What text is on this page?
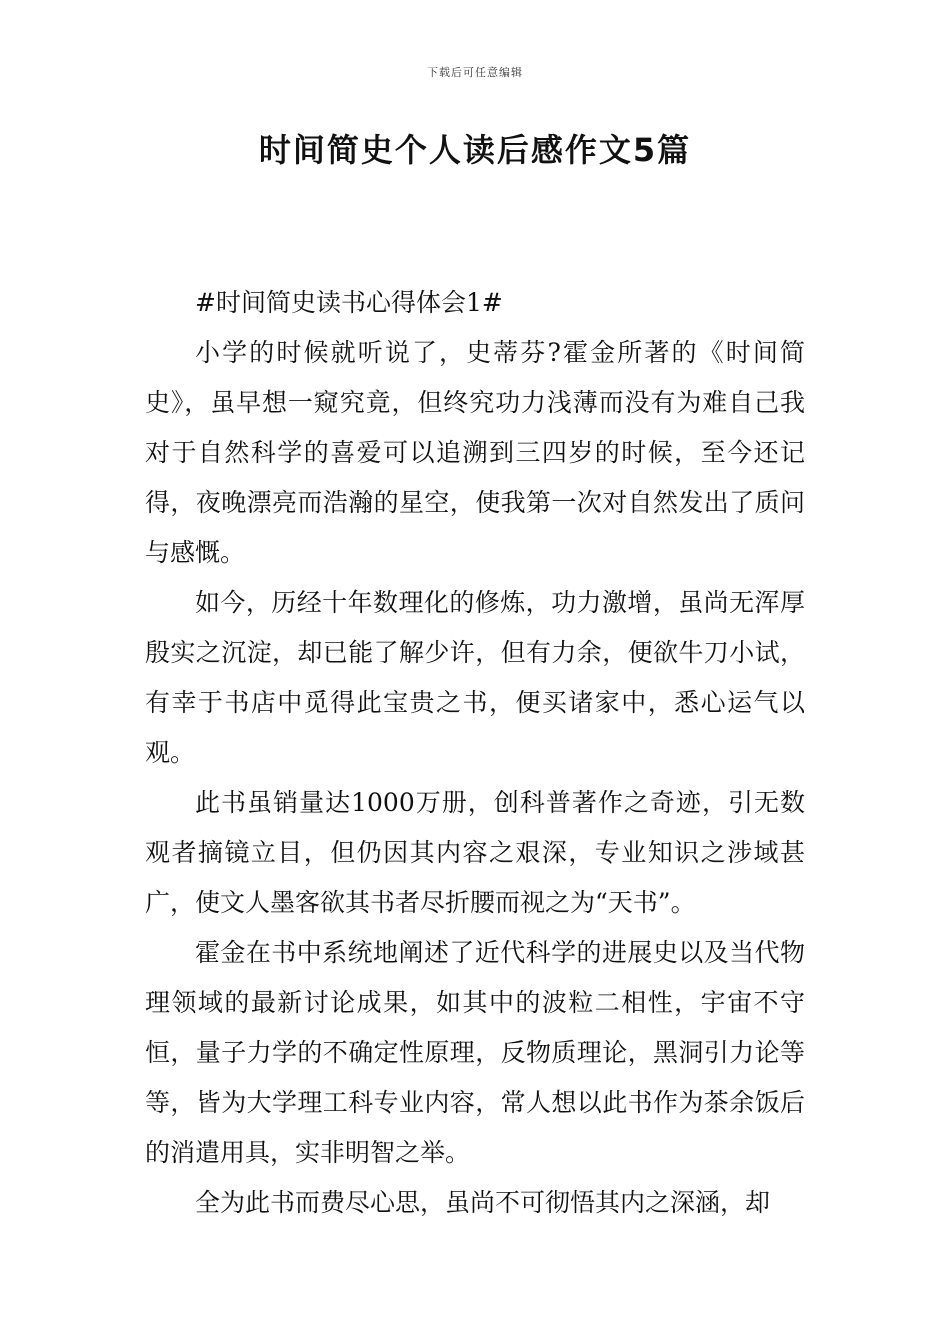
下载后可任意编辑
时间简史个人读后感作文5篇

#时间简史读书心得体会1#

小学的时候就听说了，史蒂芬?霍金所著的《时间简史》，虽早想一窥究竟，但终究功力浅薄而没有为难自己我对于自然科学的喜爱可以追溯到三四岁的时候，至今还记得，夜晚漂亮而浩瀚的星空，使我第一次对自然发出了质问与感慨。

如今，历经十年数理化的修炼，功力激增，虽尚无浑厚殷实之沉淀，却已能了解少许，但有力余，便欲牛刀小试，有幸于书店中觅得此宝贵之书，便买诸家中，悉心运气以观。

此书虽销量达1000万册，创科普著作之奇迹，引无数观者摘镜立目，但仍因其内容之艰深，专业知识之涉域甚广，使文人墨客欲其书者尽折腰而视之为“天书”。

霍金在书中系统地阐述了近代科学的进展史以及当代物理领域的最新讨论成果，如其中的波粒二相性，宇宙不守恒，量子力学的不确定性原理，反物质理论，黑洞引力论等等，皆为大学理工科专业内容，常人想以此书作为茶余饭后的消遣用具，实非明智之举。

全为此书而费尽心思，虽尚不可彻悟其内之深涵，却
